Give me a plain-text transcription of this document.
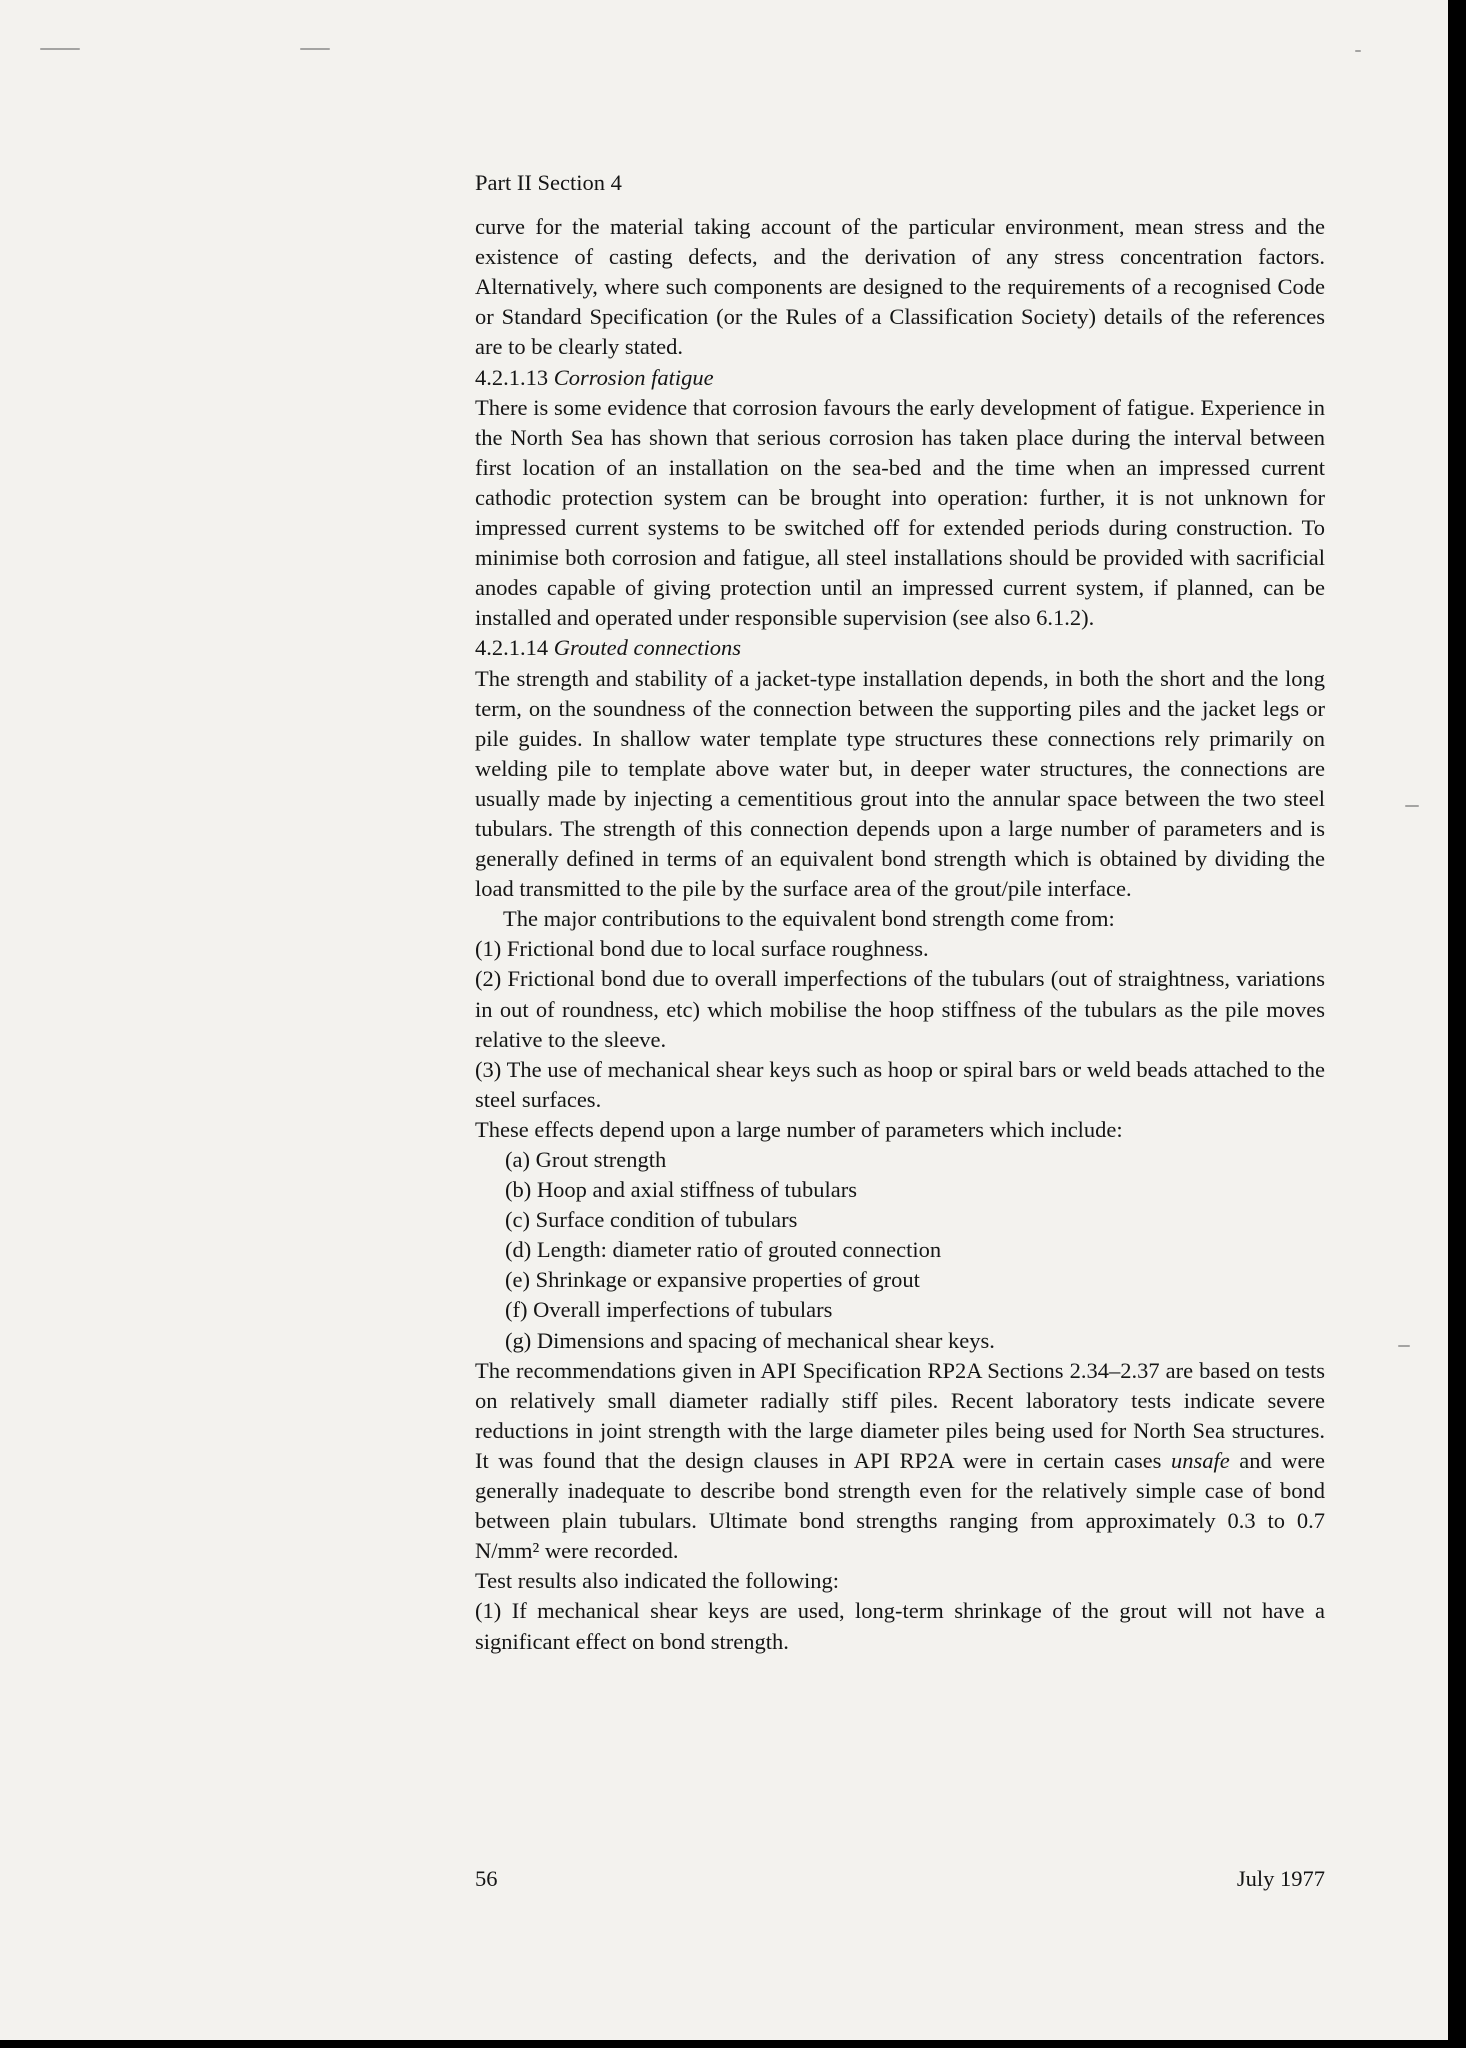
Part II Section 4

curve for the material taking account of the particular environment, mean stress and the existence of casting defects, and the derivation of any stress concentration factors. Alternatively, where such components are designed to the requirements of a recognised Code or Standard Specification (or the Rules of a Classification Society) details of the references are to be clearly stated.

4.2.1.13 Corrosion fatigue

There is some evidence that corrosion favours the early development of fatigue. Experience in the North Sea has shown that serious corrosion has taken place during the interval between first location of an installation on the sea-bed and the time when an impressed current cathodic protection system can be brought into operation: further, it is not unknown for impressed current systems to be switched off for extended periods during construction. To minimise both corrosion and fatigue, all steel installations should be provided with sacrificial anodes capable of giving protection until an impressed current system, if planned, can be installed and operated under responsible supervision (see also 6.1.2).

4.2.1.14 Grouted connections

The strength and stability of a jacket-type installation depends, in both the short and the long term, on the soundness of the connection between the supporting piles and the jacket legs or pile guides. In shallow water template type structures these connections rely primarily on welding pile to template above water but, in deeper water structures, the connections are usually made by injecting a cementitious grout into the annular space between the two steel tubulars. The strength of this connection depends upon a large number of parameters and is generally defined in terms of an equivalent bond strength which is obtained by dividing the load transmitted to the pile by the surface area of the grout/pile interface.

The major contributions to the equivalent bond strength come from:

(1) Frictional bond due to local surface roughness.

(2) Frictional bond due to overall imperfections of the tubulars (out of straightness, variations in out of roundness, etc) which mobilise the hoop stiffness of the tubulars as the pile moves relative to the sleeve.

(3) The use of mechanical shear keys such as hoop or spiral bars or weld beads attached to the steel surfaces.

These effects depend upon a large number of parameters which include:

(a) Grout strength

(b) Hoop and axial stiffness of tubulars

(c) Surface condition of tubulars

(d) Length: diameter ratio of grouted connection

(e) Shrinkage or expansive properties of grout

(f) Overall imperfections of tubulars

(g) Dimensions and spacing of mechanical shear keys.

The recommendations given in API Specification RP2A Sections 2.34–2.37 are based on tests on relatively small diameter radially stiff piles. Recent laboratory tests indicate severe reductions in joint strength with the large diameter piles being used for North Sea structures. It was found that the design clauses in API RP2A were in certain cases unsafe and were generally inadequate to describe bond strength even for the relatively simple case of bond between plain tubulars. Ultimate bond strengths ranging from approximately 0.3 to 0.7 N/mm² were recorded.

Test results also indicated the following:

(1) If mechanical shear keys are used, long-term shrinkage of the grout will not have a significant effect on bond strength.

56	July 1977
